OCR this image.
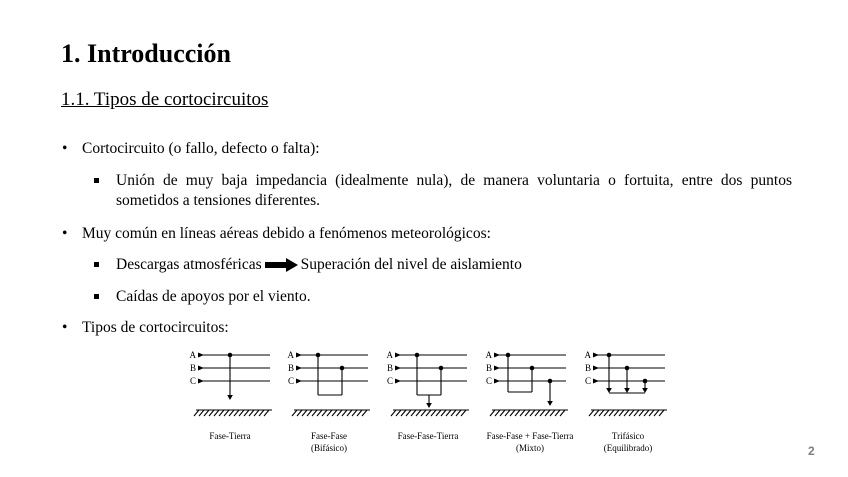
1. Introducción
1.1. Tipos de cortocircuitos
• Cortocircuito (o fallo, defecto o falta):
Unión de muy baja impedancia (idealmente nula), de manera voluntaria o fortuita, entre dos puntos sometidos a tensiones diferentes.
• Muy común en líneas aéreas debido a fenómenos meteorológicos:
Descargas atmosféricas	Superación del nivel de aislamiento
Caídas de apoyos por el viento.
• Tipos de cortocircuitos:
A
B
C
A
B
C
A
B
C
A
B
C
A
B
C
Fase-Tierra	Fase-Fase
(Bifásico)
Fase-Fase-Tierra	Fase-Fase + Fase-Tierra
(Mixto)
Trifásico
(Equilibrado)	2
